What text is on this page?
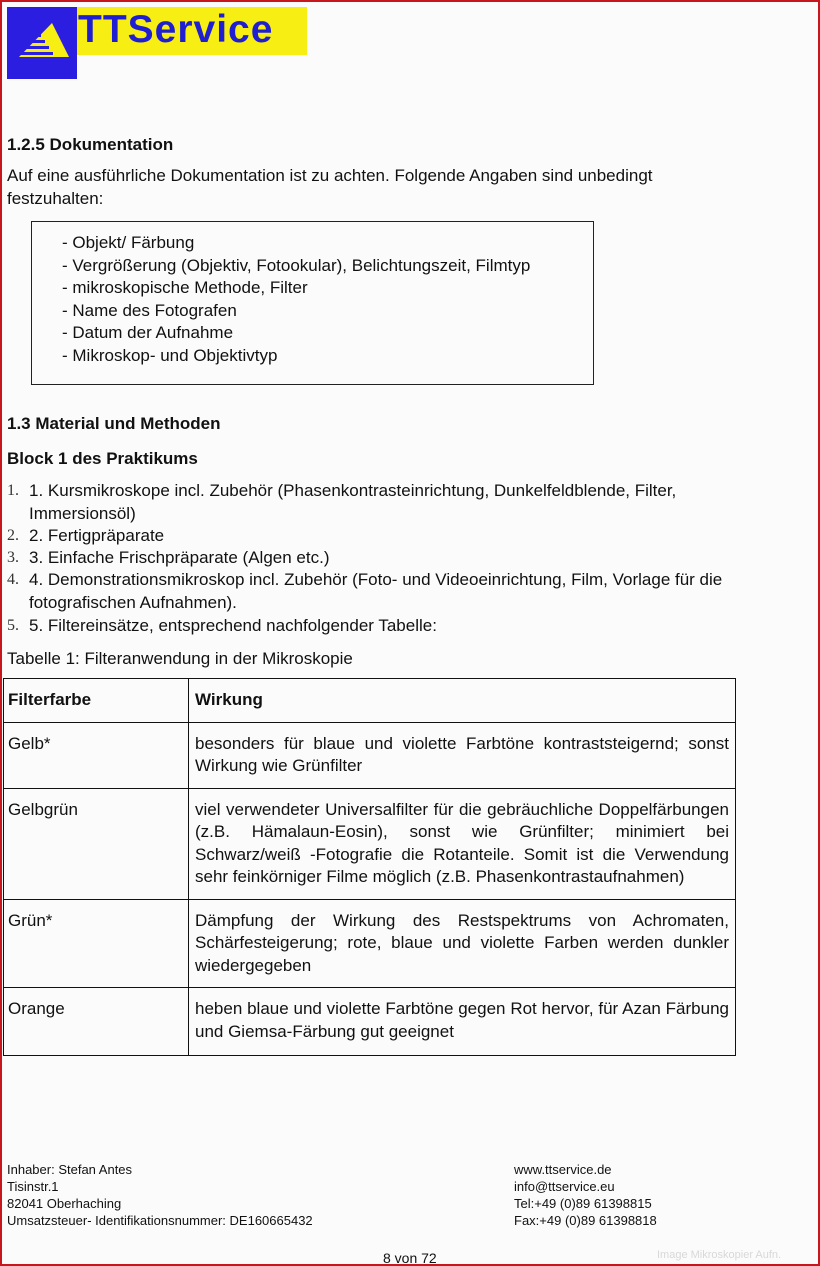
TTService
1.2.5 Dokumentation
Auf eine ausführliche Dokumentation ist zu achten. Folgende Angaben sind unbedingt
festzuhalten:
- Objekt/ Färbung
- Vergrößerung (Objektiv, Fotookular), Belichtungszeit, Filmtyp
- mikroskopische Methode, Filter
- Name des Fotografen
- Datum der Aufnahme
- Mikroskop- und Objektivtyp
1.3 Material und Methoden
Block 1 des Praktikums
1. 1. Kursmikroskope incl. Zubehör (Phasenkontrasteinrichtung, Dunkelfeldblende, Filter,
Immersionsöl)
2. 2. Fertigpräparate
3. 3. Einfache Frischpräparate (Algen etc.)
4. 4. Demonstrationsmikroskop incl. Zubehör (Foto- und Videoeinrichtung, Film, Vorlage für die
fotografischen Aufnahmen).
5. 5. Filtereinsätze, entsprechend nachfolgender Tabelle:
Tabelle 1: Filteranwendung in der Mikroskopie
Filterfarbe	Wirkung

Gelb*	besonders für blaue und violette Farbtöne kontraststeigernd; sonst Wirkung wie Grünfilter

Gelbgrün	viel verwendeter Universalfilter für die gebräuchliche Doppelfärbungen (z.B. Hämalaun-Eosin), sonst wie Grünfilter; minimiert bei Schwarz/weiß -Fotografie die Rotanteile. Somit ist die Verwendung sehr feinkörniger Filme möglich (z.B. Phasenkontrastaufnahmen)

Grün*	Dämpfung der Wirkung des Restspektrums von Achromaten, Schärfesteigerung; rote, blaue und violette Farben werden dunkler wiedergegeben

Orange	heben blaue und violette Farbtöne gegen Rot hervor, für Azan Färbung und Giemsa-Färbung gut geeignet
Inhaber: Stefan Antes
Tisinstr.1
82041 Oberhaching
Umsatzsteuer- Identifikationsnummer: DE160665432
www.ttservice.de
info@ttservice.eu
Tel:+49 (0)89 61398815
Fax:+49 (0)89 61398818
8 von 72	Image Mikroskopier Aufn.
